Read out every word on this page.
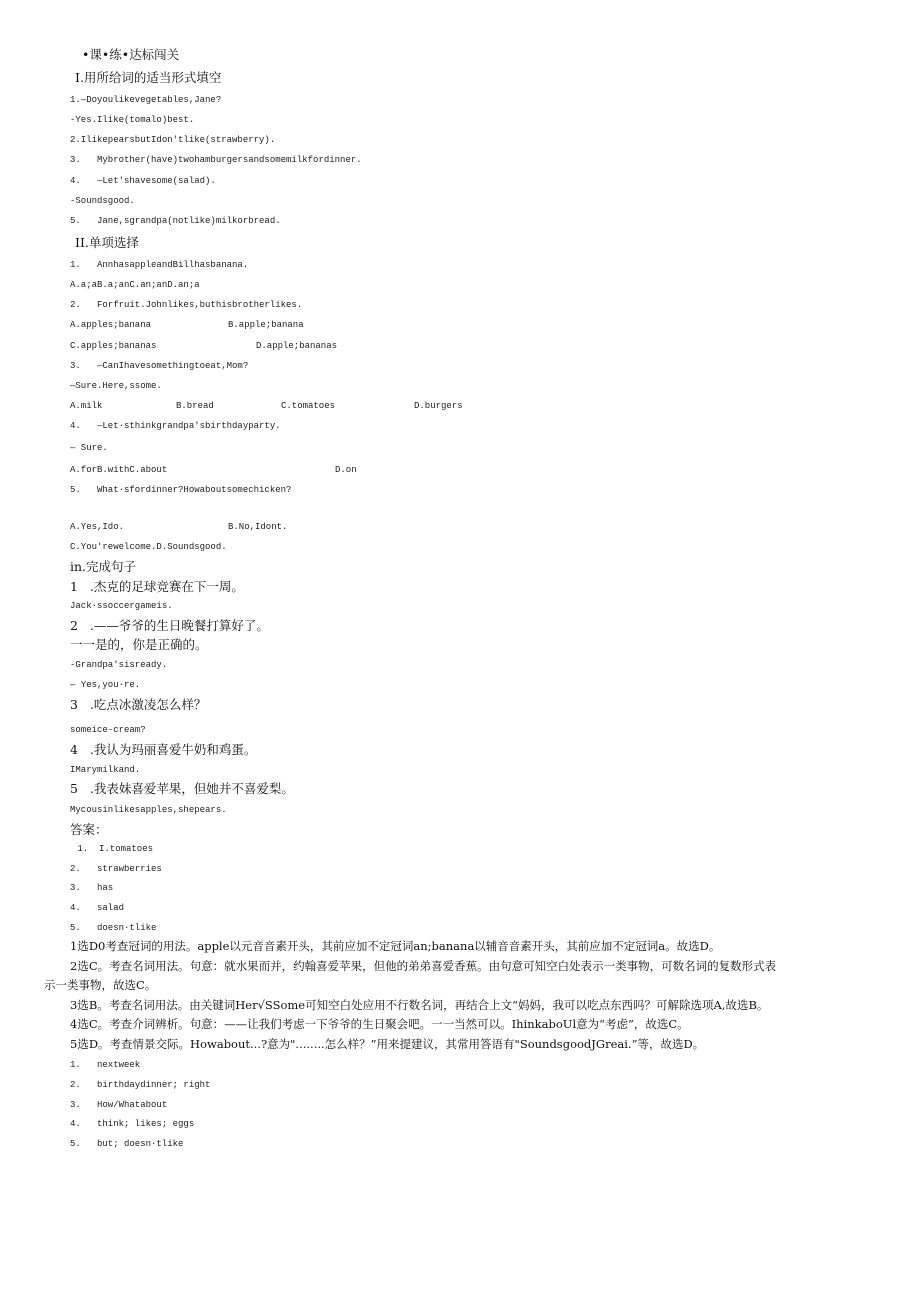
•课•练•达标闯关
I.用所给词的适当形式填空
1.—Doyoulikevegetables,Jane?
-Yes.Ilike(tomalo)best.
2.IlikepearsbutIdon'tlike(strawberry).
3.   Mybrother(have)twohamburgersandsomemilkfordinner.
4.   —Let'shavesome(salad).
-Soundsgood.
5.   Jane,sgrandpa(notlike)milkorbread.
II.单项选择
1.   AnnhasappleandBillhasbanana.
A.a;aB.a;anC.an;anD.an;a
2.   Forfruit.Johnlikes,buthisbrotherlikes.
A.apples;banana	B.apple;banana
C.apples;bananas	D.apple;bananas
3.   —CanIhavesomethingtoeat,Mom?
—Sure.Here,ssome.
A.milk	B.bread	C.tomatoes	D.burgers
4.   —Let·sthinkgrandpa'sbirthdayparty.
— Sure.
A.forB.withC.about	D.on
5.   What·sfordinner?Howaboutsomechicken?
A.Yes,Ido.	B.No,Idont.
C.You'rewelcome.D.Soundsgood.
in.完成句子
1   .杰克的足球竞赛在下一周。
Jack·ssoccergameis.
2   .——爷爷的生日晚餐打算好了。
一一是的，你是正确的。
-Grandpa'sisready.
— Yes,you·re.
3   .吃点冰激凌怎么样？
someice-cream?
4   .我认为玛丽喜爱牛奶和鸡蛋。
IMarymilkand.
5   .我表妹喜爱苹果，但她并不喜爱梨。
Mycousinlikesapples,shepears.
答案：
1.  I.tomatoes
2.   strawberries
3.   has
4.   salad
5.   doesn·tlike
1选D0考查冠词的用法。apple以元音音素开头，其前应加不定冠词an;banana以辅音音素开头，其前应加不定冠词a。故选D。
2选C。考查名词用法。句意：就水果而并，约翰喜爱苹果，但他的弟弟喜爱香蕉。由句意可知空白处表示一类事物，可数名词的复数形式表
示一类事物，故选C。
3选B。考查名词用法。由关键词Her√SSome可知空白处应用不行数名词，再结合上文“妈妈，我可以吃点东西吗？可解除选项A,故选B。
4选C。考查介词辨析。句意：——让我们考虑一下爷爷的生日聚会吧。一一当然可以。IhinkaboUl意为“考虑”，故选C。
5选D。考查情景交际。Howabout...?意为"........怎么样？”用来提建议，其常用答语有"SoundsgoodJGreai.”等，故选D。
1.   nextweek
2.   birthdaydinner; right
3.   How/Whatabout
4.   think; likes; eggs
5.   but; doesn·tlike
